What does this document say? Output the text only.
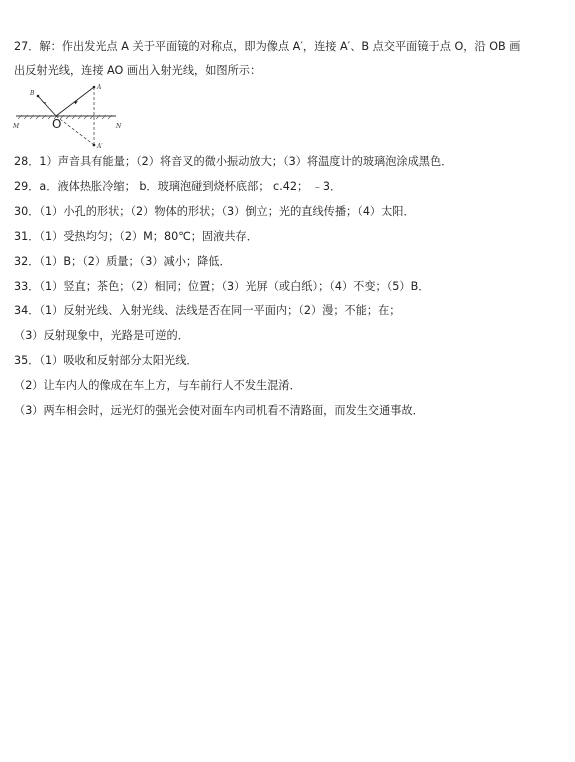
27．解：作出发光点 A 关于平面镜的对称点，即为像点 A′，连接 A′、B 点交平面镜于点 O，沿 OB 画
出反射光线，连接 AO 画出入射光线，如图所示：
A
B
A′
O
M	N
28．1）声音具有能量；（2）将音叉的微小振动放大；（3）将温度计的玻璃泡涂成黑色．
29．a．液体热胀冷缩； b．玻璃泡碰到烧杯底部； c.42； ﹣3．
30．（1）小孔的形状；（2）物体的形状；（3）倒立；光的直线传播；（4）太阳．
31．（1）受热均匀；（2）M；80℃；固液共存．
32．（1）B；（2）质量；（3）减小；降低．
33．（1）竖直；茶色；（2）相同；位置；（3）光屏（或白纸）；（4）不变；（5）B．
34．（1）反射光线、入射光线、法线是否在同一平面内；（2）漫；不能；在；
（3）反射现象中，光路是可逆的．
35．（1）吸收和反射部分太阳光线．
（2）让车内人的像成在车上方，与车前行人不发生混淆．
（3）两车相会时，远光灯的强光会使对面车内司机看不清路面，而发生交通事故．
